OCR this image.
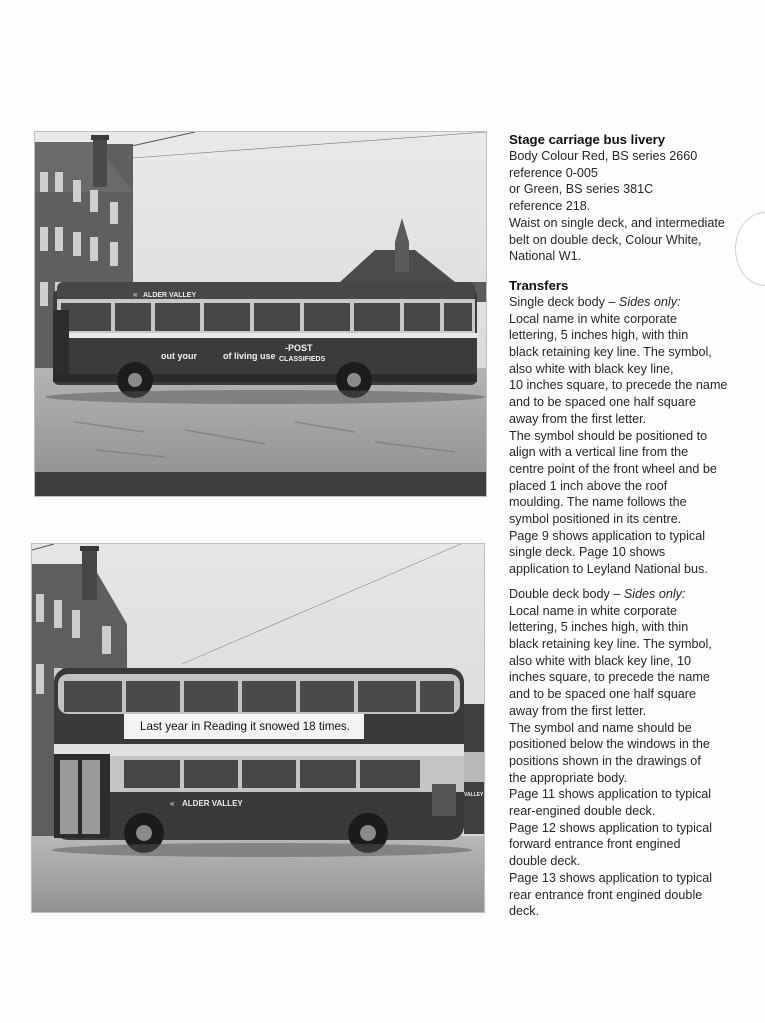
ALDER VALLEY
«
out your	of living use
-POST
CLASSIFIEDS
Last year in Reading it snowed 18 times.
« ALDER VALLEY
VALLEY
Stage carriage bus livery

Body Colour Red, BS series 2660

reference 0-005

or Green, BS series 381C

reference 218.

Waist on single deck, and intermediate

belt on double deck, Colour White,

National W1.

Transfers

Single deck body – Sides only:

Local name in white corporate

lettering, 5 inches high, with thin

black retaining key line. The symbol,

also white with black key line,

10 inches square, to precede the name

and to be spaced one half square

away from the first letter.

The symbol should be positioned to

align with a vertical line from the

centre point of the front wheel and be

placed 1 inch above the roof

moulding. The name follows the

symbol positioned in its centre.

Page 9 shows application to typical

single deck. Page 10 shows

application to Leyland National bus.

Double deck body – Sides only:

Local name in white corporate

lettering, 5 inches high, with thin

black retaining key line. The symbol,

also white with black key line, 10

inches square, to precede the name

and to be spaced one half square

away from the first letter.

The symbol and name should be

positioned below the windows in the

positions shown in the drawings of

the appropriate body.

Page 11 shows application to typical

rear-engined double deck.

Page 12 shows application to typical

forward entrance front engined

double deck.

Page 13 shows application to typical

rear entrance front engined double

deck.
